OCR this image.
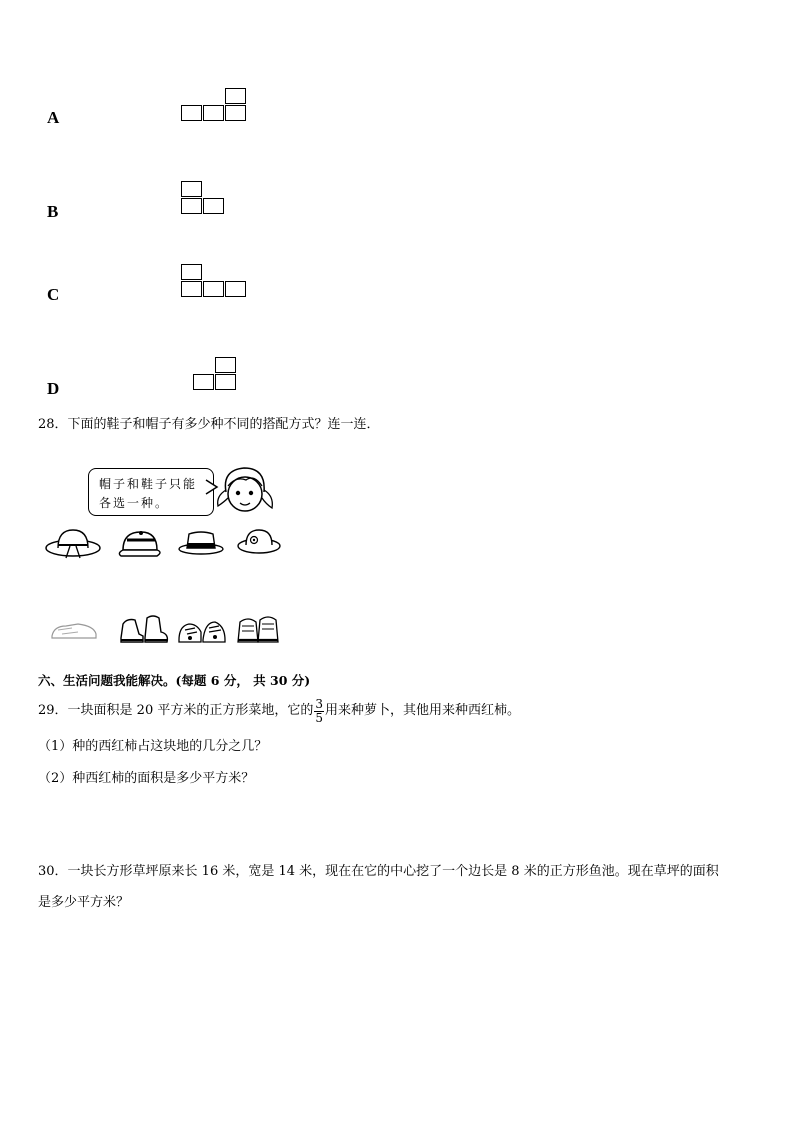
A
B
C
D
28．下面的鞋子和帽子有多少种不同的搭配方式？连一连．
帽子和鞋子只能
各选一种。
六、生活问题我能解决。(每题 6 分， 共 30 分)
29．一块面积是 20 平方米的正方形菜地，它的 $\frac{3}{5}$ 用来种萝卜，其他用来种西红柿。
（1）种的西红柿占这块地的几分之几？
（2）种西红柿的面积是多少平方米？
30．一块长方形草坪原来长 16 米，宽是 14 米，现在在它的中心挖了一个边长是 8 米的正方形鱼池。现在草坪的面积
是多少平方米？
